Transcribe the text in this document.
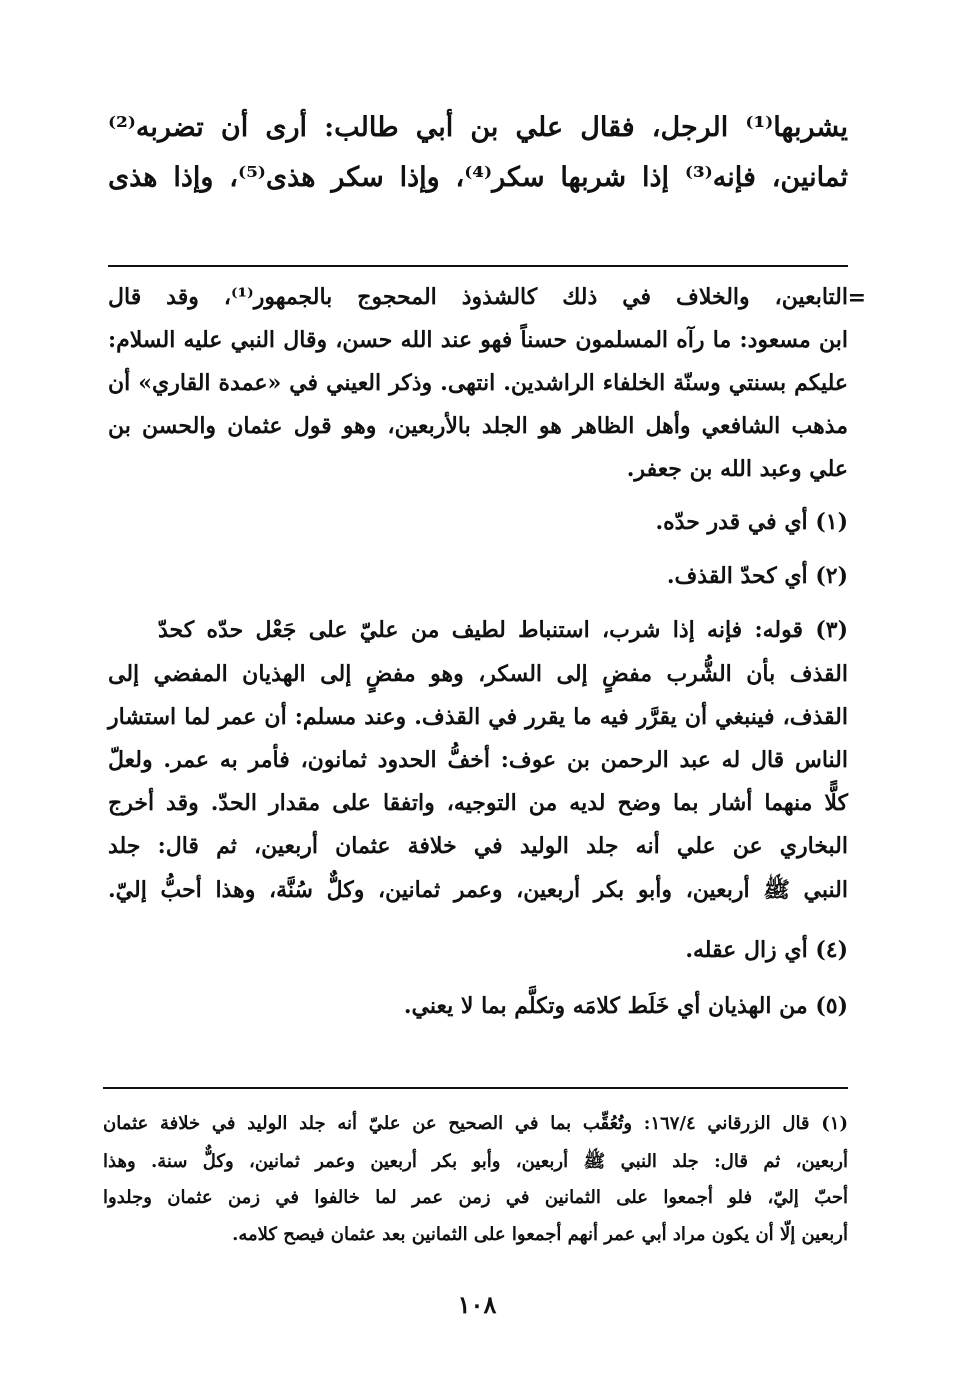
يشربها⁽¹⁾ الرجل، فقال علي بن أبي طالب: أرى أن تضربه⁽²⁾
ثمانين، فإنه⁽³⁾ إذا شربها سكر⁽⁴⁾، وإذا سكر هذى⁽⁵⁾، وإذا هذى
=
التابعين، والخلاف في ذلك كالشذوذ المحجوج بالجمهور⁽¹⁾، وقد قال
ابن مسعود: ما رآه المسلمون حسناً فهو عند الله حسن، وقال النبي عليه السلام:
عليكم بسنتي وسنّة الخلفاء الراشدين. انتهى. وذكر العيني في «عمدة القاري» أن
مذهب الشافعي وأهل الظاهر هو الجلد بالأربعين، وهو قول عثمان والحسن بن
علي وعبد الله بن جعفر.
(١) أي في قدر حدّه.
(٢) أي كحدّ القذف.
(٣) قوله: فإنه إذا شرب، استنباط لطيف من عليّ على جَعْل حدّه كحدّ
القذف بأن الشُّرب مفضٍ إلى السكر، وهو مفضٍ إلى الهذيان المفضي إلى
القذف، فينبغي أن يقرَّر فيه ما يقرر في القذف. وعند مسلم: أن عمر لما استشار
الناس قال له عبد الرحمن بن عوف: أخفُّ الحدود ثمانون، فأمر به عمر. ولعلّ
كلًّا منهما أشار بما وضح لديه من التوجيه، واتفقا على مقدار الحدّ. وقد أخرج
البخاري عن علي أنه جلد الوليد في خلافة عثمان أربعين، ثم قال: جلد
النبي ﷺ أربعين، وأبو بكر أربعين، وعمر ثمانين، وكلٌّ سُنَّة، وهذا أحبُّ إليّ.
(٤) أي زال عقله.
(٥) من الهذيان أي خَلَط كلامَه وتكلَّم بما لا يعني.
(١) قال الزرقاني ١٦٧/٤: وتُعُقِّب بما في الصحيح عن عليّ أنه جلد الوليد في خلافة عثمان
أربعين، ثم قال: جلد النبي ﷺ أربعين، وأبو بكر أربعين وعمر ثمانين، وكلٌّ سنة. وهذا
أحبّ إليّ، فلو أجمعوا على الثمانين في زمن عمر لما خالفوا في زمن عثمان وجلدوا
أربعين إلّا أن يكون مراد أبي عمر أنهم أجمعوا على الثمانين بعد عثمان فيصح كلامه.
١٠٨
